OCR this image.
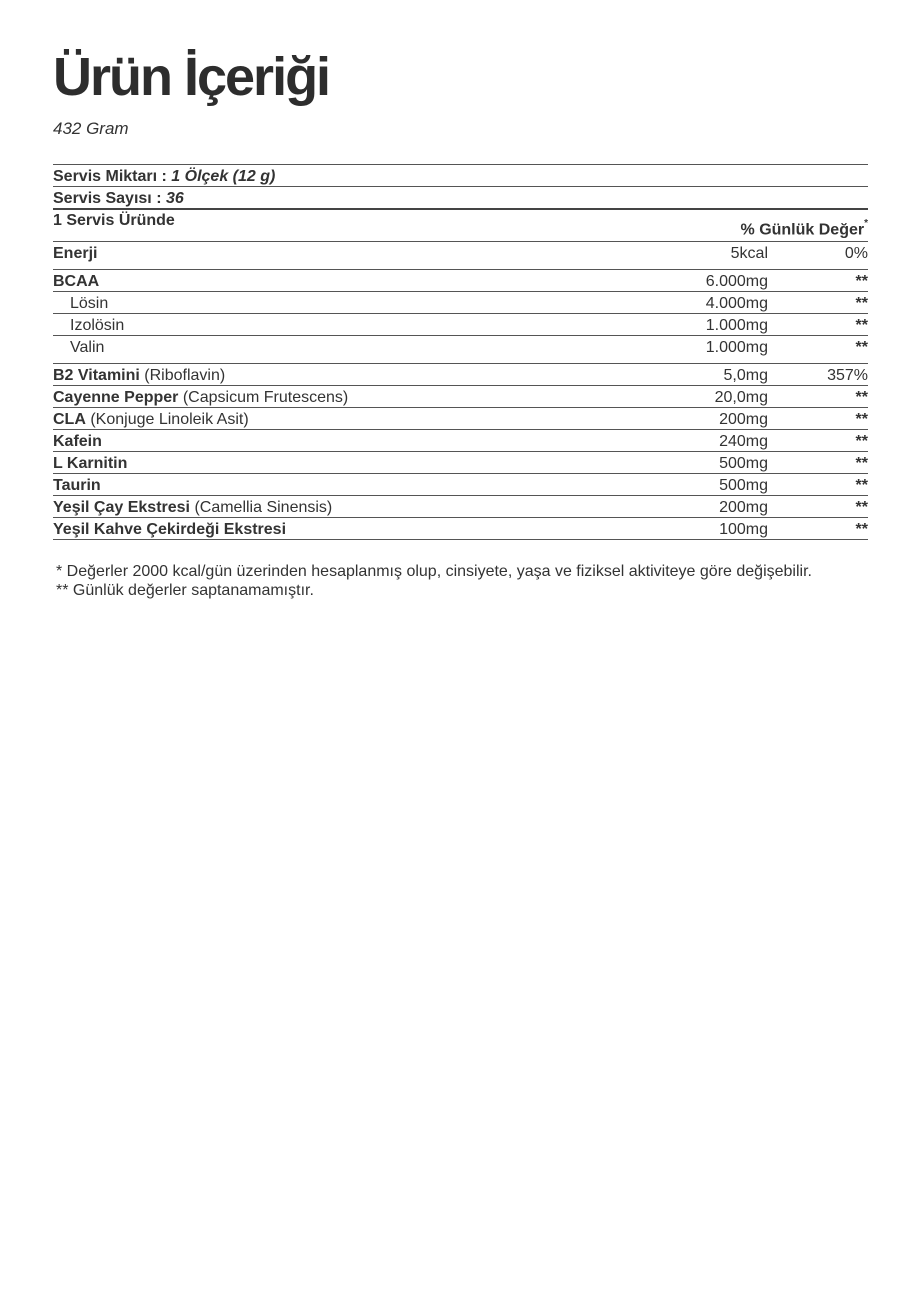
Ürün İçeriği
432 Gram
Servis Miktarı : 1 Ölçek (12 g)
Servis Sayısı : 36
1 Servis Üründe
% Günlük Değer*
Enerji	5kcal	0%
BCAA	6.000mg	**
Lösin	4.000mg	**
Izolösin	1.000mg	**
Valin	1.000mg	**
B2 Vitamini (Riboflavin)	5,0mg	357%
Cayenne Pepper (Capsicum Frutescens)	20,0mg	**
CLA (Konjuge Linoleik Asit)	200mg	**
Kafein	240mg	**
L Karnitin	500mg	**
Taurin	500mg	**
Yeşil Çay Ekstresi (Camellia Sinensis)	200mg	**
Yeşil Kahve Çekirdeği Ekstresi	100mg	**
* Değerler 2000 kcal/gün üzerinden hesaplanmış olup, cinsiyete, yaşa ve fiziksel aktiviteye göre değişebilir.
** Günlük değerler saptanamamıştır.
